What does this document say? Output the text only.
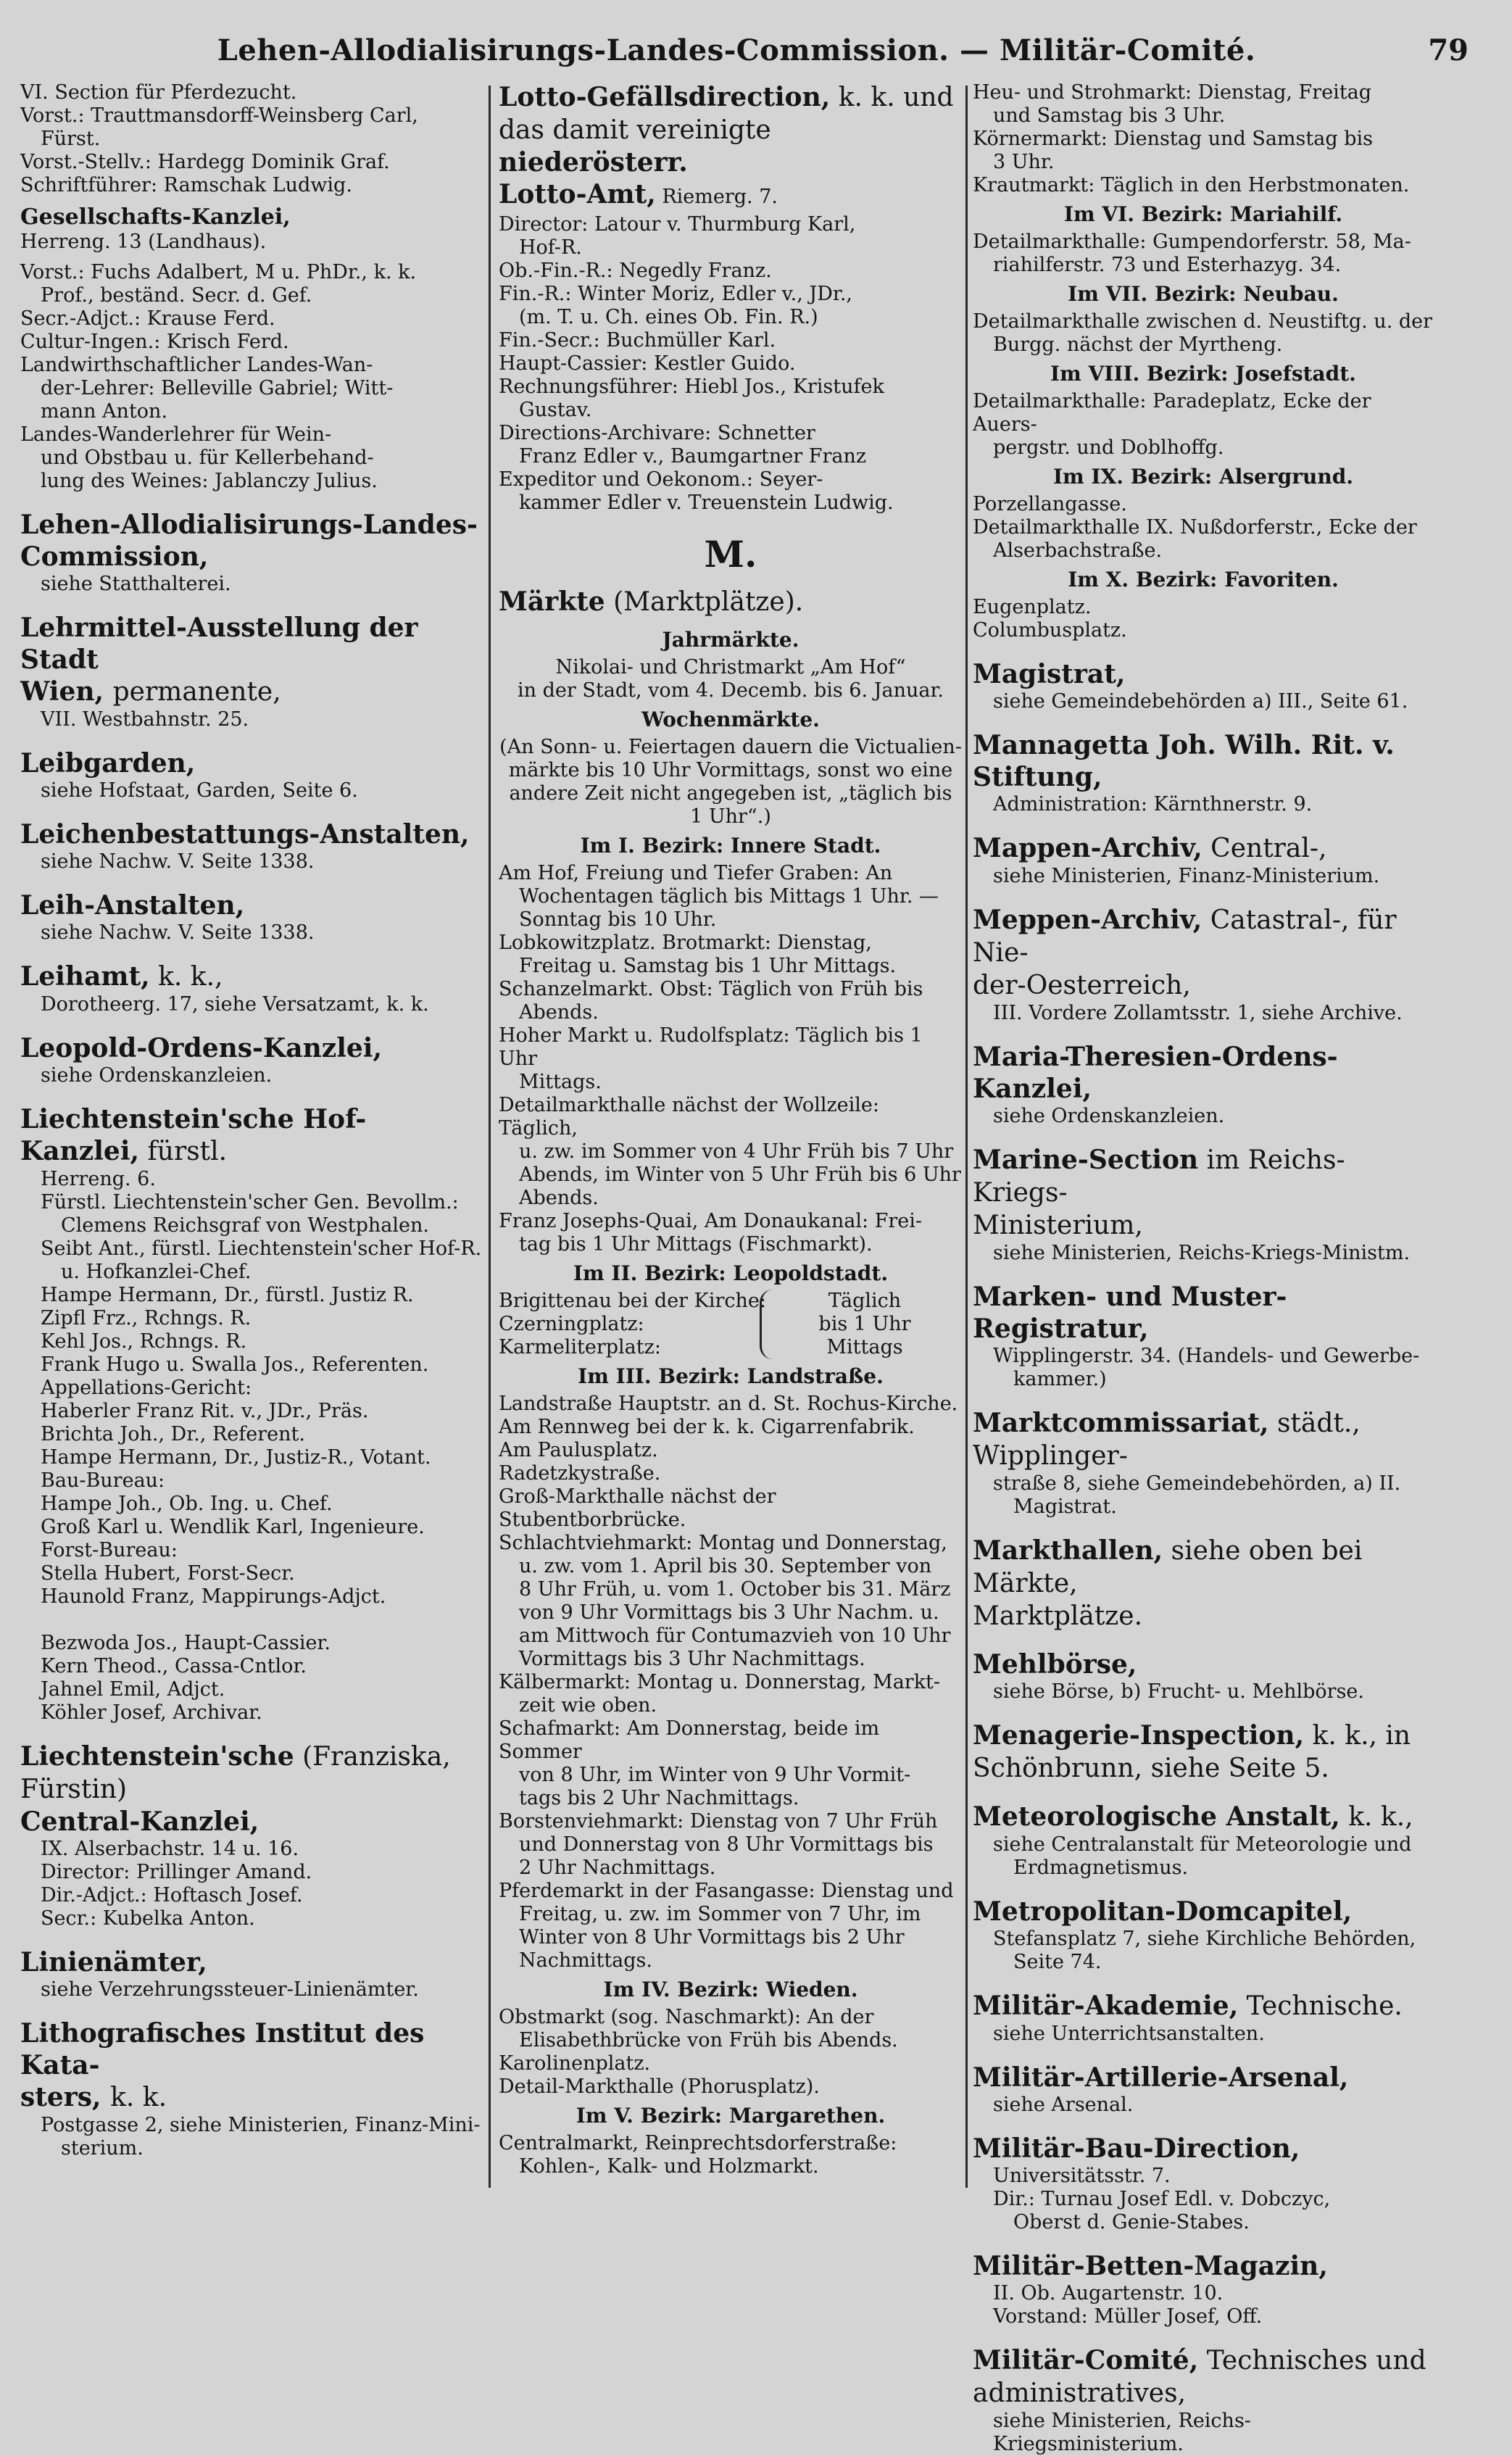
Lehen-Allodialisirungs-Landes-Commission. — Militär-Comité.	79
VI. Section für Pferdezucht.
Vorst.: Trauttmansdorff-Weinsberg Carl,
Fürst.
Vorst.-Stellv.: Hardegg Dominik Graf.
Schriftführer: Ramschak Ludwig.
Gesellschafts-Kanzlei,
Herreng. 13 (Landhaus).
Vorst.: Fuchs Adalbert, M u. PhDr., k. k.
Prof., beständ. Secr. d. Gef.
Secr.-Adjct.: Krause Ferd.
Cultur-Ingen.: Krisch Ferd.
Landwirthschaftlicher Landes-Wan-
der-Lehrer: Belleville Gabriel; Witt-
mann Anton.
Landes-Wanderlehrer für Wein-
und Obstbau u. für Kellerbehand-
lung des Weines: Jablanczy Julius.
Lehen-Allodialisirungs-Landes-
Commission,
siehe Statthalterei.
Lehrmittel-Ausstellung der Stadt
Wien, permanente,
VII. Westbahnstr. 25.
Leibgarden,
siehe Hofstaat, Garden, Seite 6.
Leichenbestattungs-Anstalten,
siehe Nachw. V. Seite 1338.
Leih-Anstalten,
siehe Nachw. V. Seite 1338.
Leihamt, k. k.,
Dorotheerg. 17, siehe Versatzamt, k. k.
Leopold-Ordens-Kanzlei,
siehe Ordenskanzleien.
Liechtenstein'sche Hof-Kanzlei, fürstl.
Herreng. 6.
Fürstl. Liechtenstein'scher Gen. Bevollm.:
Clemens Reichsgraf von Westphalen.
Seibt Ant., fürstl. Liechtenstein'scher Hof-R.
u. Hofkanzlei-Chef.
Hampe Hermann, Dr., fürstl. Justiz R.
Zipfl Frz., Rchngs. R.
Kehl Jos., Rchngs. R.
Frank Hugo u. Swalla Jos., Referenten.
Appellations-Gericht:
Haberler Franz Rit. v., JDr., Präs.
Brichta Joh., Dr., Referent.
Hampe Hermann, Dr., Justiz-R., Votant.
Bau-Bureau:
Hampe Joh., Ob. Ing. u. Chef.
Groß Karl u. Wendlik Karl, Ingenieure.
Forst-Bureau:
Stella Hubert, Forst-Secr.
Haunold Franz, Mappirungs-Adjct.

Bezwoda Jos., Haupt-Cassier.
Kern Theod., Cassa-Cntlor.
Jahnel Emil, Adjct.
Köhler Josef, Archivar.
Liechtenstein'sche (Franziska, Fürstin)
Central-Kanzlei,
IX. Alserbachstr. 14 u. 16.
Director: Prillinger Amand.
Dir.-Adjct.: Hoftasch Josef.
Secr.: Kubelka Anton.
Linienämter,
siehe Verzehrungssteuer-Linienämter.
Lithografisches Institut des Kata-
sters, k. k.
Postgasse 2, siehe Ministerien, Finanz-Mini-
sterium.
Lotto-Gefällsdirection, k. k. und
das damit vereinigte niederösterr.
Lotto-Amt, Riemerg. 7.
Director: Latour v. Thurmburg Karl,
Hof-R.
Ob.-Fin.-R.: Negedly Franz.
Fin.-R.: Winter Moriz, Edler v., JDr.,
(m. T. u. Ch. eines Ob. Fin. R.)
Fin.-Secr.: Buchmüller Karl.
Haupt-Cassier: Kestler Guido.
Rechnungsführer: Hiebl Jos., Kristufek
Gustav.
Directions-Archivare: Schnetter
Franz Edler v., Baumgartner Franz
Expeditor und Oekonom.: Seyer-
kammer Edler v. Treuenstein Ludwig.
M.
Märkte (Marktplätze).
Jahrmärkte.
Nikolai- und Christmarkt „Am Hof“
in der Stadt, vom 4. Decemb. bis 6. Januar.
Wochenmärkte.
(An Sonn- u. Feiertagen dauern die Victualien-
märkte bis 10 Uhr Vormittags, sonst wo eine
andere Zeit nicht angegeben ist, „täglich bis
1 Uhr“.)
Im I. Bezirk: Innere Stadt.
Am Hof, Freiung und Tiefer Graben: An
Wochentagen täglich bis Mittags 1 Uhr. —
Sonntag bis 10 Uhr.
Lobkowitzplatz. Brotmarkt: Dienstag,
Freitag u. Samstag bis 1 Uhr Mittags.
Schanzelmarkt. Obst: Täglich von Früh bis
Abends.
Hoher Markt u. Rudolfsplatz: Täglich bis 1 Uhr
Mittags.
Detailmarkthalle nächst der Wollzeile: Täglich,
u. zw. im Sommer von 4 Uhr Früh bis 7 Uhr
Abends, im Winter von 5 Uhr Früh bis 6 Uhr
Abends.
Franz Josephs-Quai, Am Donaukanal: Frei-
tag bis 1 Uhr Mittags (Fischmarkt).
Im II. Bezirk: Leopoldstadt.
Brigittenau bei der Kirche:	Täglich
Czerningplatz:	bis 1 Uhr
Karmeliterplatz:	Mittags
Im III. Bezirk: Landstraße.
Landstraße Hauptstr. an d. St. Rochus-Kirche.
Am Rennweg bei der k. k. Cigarrenfabrik.
Am Paulusplatz.
Radetzkystraße.
Groß-Markthalle nächst der Stubentborbrücke.
Schlachtviehmarkt: Montag und Donnerstag,
u. zw. vom 1. April bis 30. September von
8 Uhr Früh, u. vom 1. October bis 31. März
von 9 Uhr Vormittags bis 3 Uhr Nachm. u.
am Mittwoch für Contumazvieh von 10 Uhr
Vormittags bis 3 Uhr Nachmittags.
Kälbermarkt: Montag u. Donnerstag, Markt-
zeit wie oben.
Schafmarkt: Am Donnerstag, beide im Sommer
von 8 Uhr, im Winter von 9 Uhr Vormit-
tags bis 2 Uhr Nachmittags.
Borstenviehmarkt: Dienstag von 7 Uhr Früh
und Donnerstag von 8 Uhr Vormittags bis
2 Uhr Nachmittags.
Pferdemarkt in der Fasangasse: Dienstag und
Freitag, u. zw. im Sommer von 7 Uhr, im
Winter von 8 Uhr Vormittags bis 2 Uhr
Nachmittags.
Im IV. Bezirk: Wieden.
Obstmarkt (sog. Naschmarkt): An der
Elisabethbrücke von Früh bis Abends.
Karolinenplatz.
Detail-Markthalle (Phorusplatz).
Im V. Bezirk: Margarethen.
Centralmarkt, Reinprechtsdorferstraße:
Kohlen-, Kalk- und Holzmarkt.
Heu- und Strohmarkt: Dienstag, Freitag
und Samstag bis 3 Uhr.
Körnermarkt: Dienstag und Samstag bis
3 Uhr.
Krautmarkt: Täglich in den Herbstmonaten.
Im VI. Bezirk: Mariahilf.
Detailmarkthalle: Gumpendorferstr. 58, Ma-
riahilferstr. 73 und Esterhazyg. 34.
Im VII. Bezirk: Neubau.
Detailmarkthalle zwischen d. Neustiftg. u. der
Burgg. nächst der Myrtheng.
Im VIII. Bezirk: Josefstadt.
Detailmarkthalle: Paradeplatz, Ecke der Auers-
pergstr. und Doblhoffg.
Im IX. Bezirk: Alsergrund.
Porzellangasse.
Detailmarkthalle IX. Nußdorferstr., Ecke der
Alserbachstraße.
Im X. Bezirk: Favoriten.
Eugenplatz.
Columbusplatz.
Magistrat,
siehe Gemeindebehörden a) III., Seite 61.
Mannagetta Joh. Wilh. Rit. v.
Stiftung,
Administration: Kärnthnerstr. 9.
Mappen-Archiv, Central-,
siehe Ministerien, Finanz-Ministerium.
Meppen-Archiv, Catastral-, für Nie-
der-Oesterreich,
III. Vordere Zollamtsstr. 1, siehe Archive.
Maria-Theresien-Ordens-Kanzlei,
siehe Ordenskanzleien.
Marine-Section im Reichs-Kriegs-
Ministerium,
siehe Ministerien, Reichs-Kriegs-Ministm.
Marken- und Muster-Registratur,
Wipplingerstr. 34. (Handels- und Gewerbe-
kammer.)
Marktcommissariat, städt., Wipplinger-
straße 8, siehe Gemeindebehörden, a) II.
Magistrat.
Markthallen, siehe oben bei Märkte,
Marktplätze.
Mehlbörse,
siehe Börse, b) Frucht- u. Mehlbörse.
Menagerie-Inspection, k. k., in
Schönbrunn, siehe Seite 5.
Meteorologische Anstalt, k. k.,
siehe Centralanstalt für Meteorologie und
Erdmagnetismus.
Metropolitan-Domcapitel,
Stefansplatz 7, siehe Kirchliche Behörden,
Seite 74.
Militär-Akademie, Technische.
siehe Unterrichtsanstalten.
Militär-Artillerie-Arsenal,
siehe Arsenal.
Militär-Bau-Direction,
Universitätsstr. 7.
Dir.: Turnau Josef Edl. v. Dobczyc,
Oberst d. Genie-Stabes.
Militär-Betten-Magazin,
II. Ob. Augartenstr. 10.
Vorstand: Müller Josef, Off.
Militär-Comité, Technisches und
administratives,
siehe Ministerien, Reichs-Kriegsministerium.
